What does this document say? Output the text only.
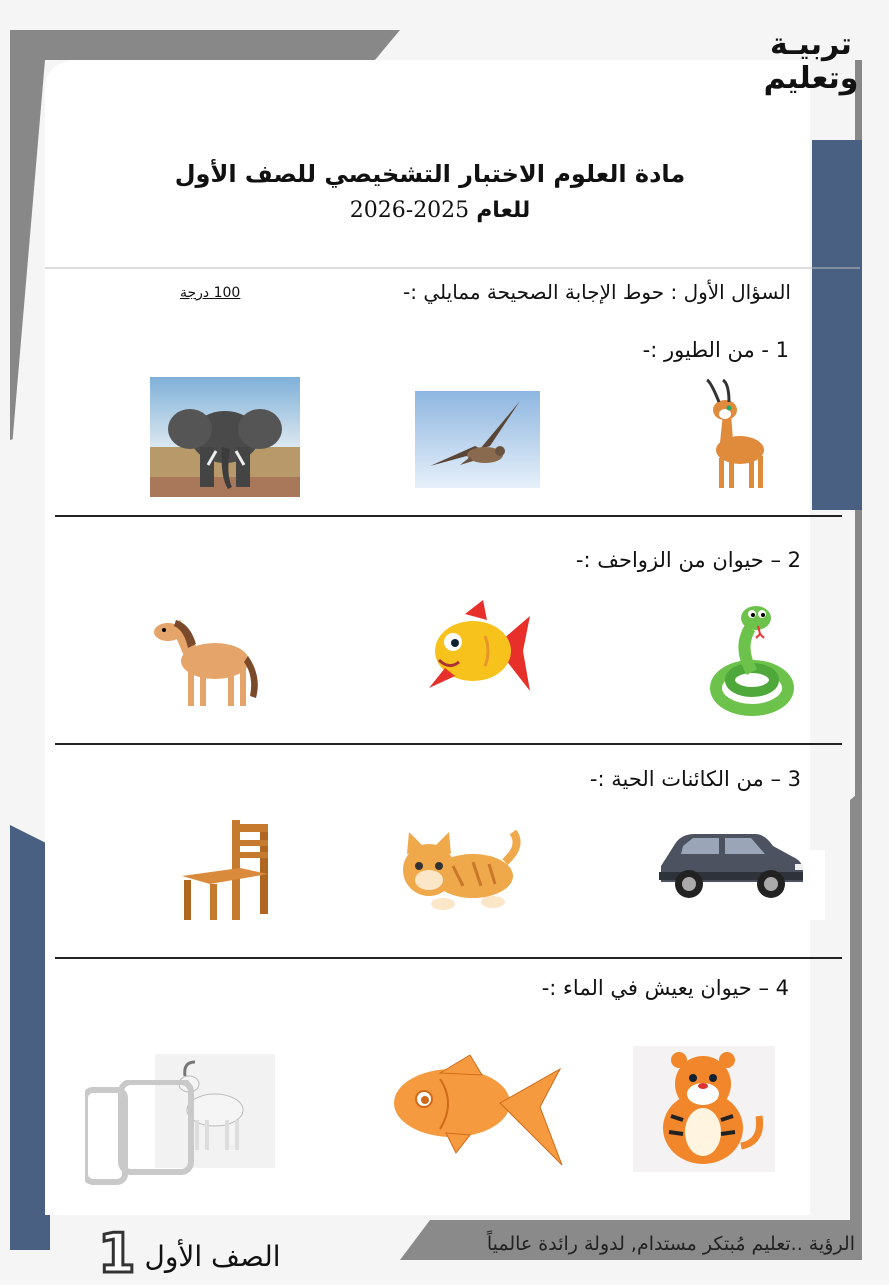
تربيـة
وتعليم
مادة العلوم الاختبار التشخيصي للصف الأول
للعام 2025-2026
السؤال الأول : حوط الإجابة الصحيحة ممايلي :-
100 درجة
1 - من الطيور :-
2 – حيوان من الزواحف :-
3 – من الكائنات الحية :-
4 – حيوان يعيش في الماء :-
الرؤية ..تعليم مُبتكر مستدام, لدولة رائدة عالمياً
الصف الأول 1
